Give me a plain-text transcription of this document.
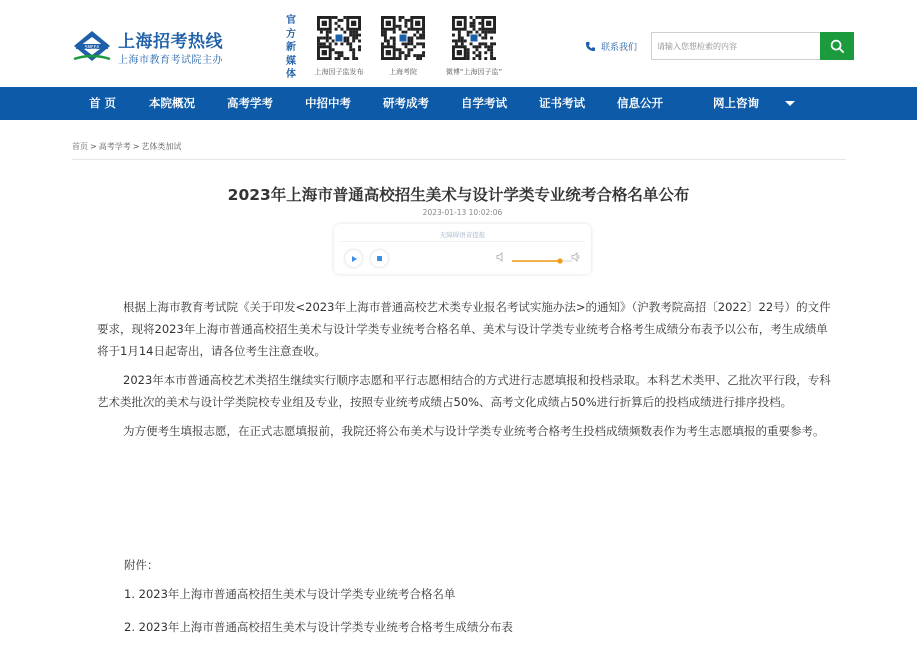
SMEEA 上海招考热线
上海市教育考试院主办
官
方
新
媒
体	上海因子监发布	上海考院	微博“上海因子监”
联系我们
请输入您想检索的内容
首 页	本院概况	高考学考	中招中考	研考成考	自学考试	证书考试	信息公开	网上咨询
首页 > 高考学考 > 艺体类加试
2023年上海市普通高校招生美术与设计学类专业统考合格名单公布
2023-01-13 10:02:06
无障碍语音提报

根据上海市教育考试院《关于印发<2023年上海市普通高校艺术类专业报名考试实施办法>的通知》（沪教考院高招〔2022〕22号）的文件要求，现将2023年上海市普通高校招生美术与设计学类专业统考合格名单、美术与设计学类专业统考合格考生成绩分布表予以公布，考生成绩单将于1月14日起寄出，请各位考生注意查收。

2023年本市普通高校艺术类招生继续实行顺序志愿和平行志愿相结合的方式进行志愿填报和投档录取。本科艺术类甲、乙批次平行段，专科艺术类批次的美术与设计学类院校专业组及专业，按照专业统考成绩占50%、高考文化成绩占50%进行折算后的投档成绩进行排序投档。

为方便考生填报志愿，在正式志愿填报前，我院还将公布美术与设计学类专业统考合格考生投档成绩频数表作为考生志愿填报的重要参考。

附件：
1. 2023年上海市普通高校招生美术与设计学类专业统考合格名单
2. 2023年上海市普通高校招生美术与设计学类专业统考合格考生成绩分布表
